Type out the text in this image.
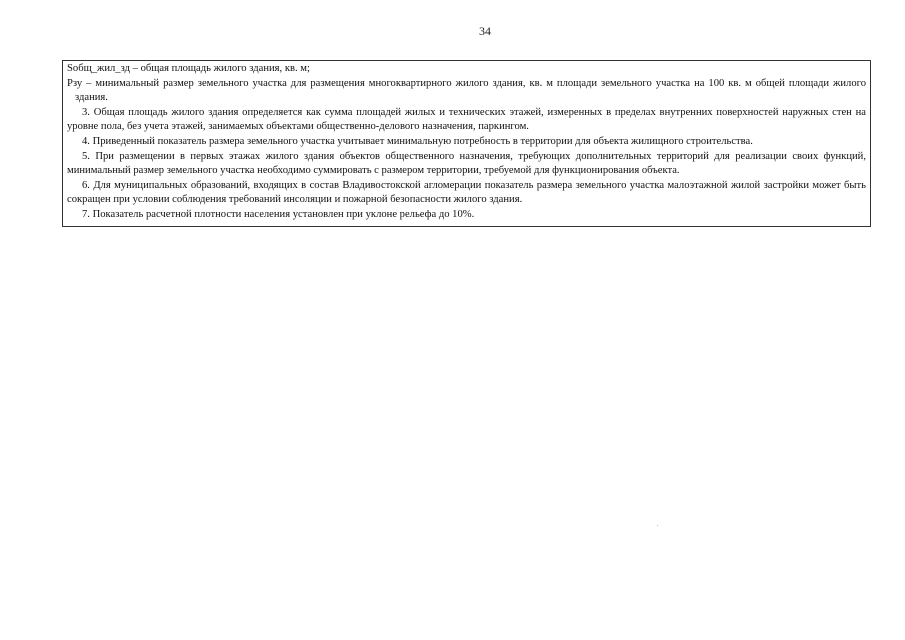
34

Sобщ_жил_зд – общая площадь жилого здания, кв. м;

Рзу – минимальный размер земельного участка для размещения многоквартирного жилого здания, кв. м площади земельного участка на 100 кв. м общей площади жилого здания.

3. Общая площадь жилого здания определяется как сумма площадей жилых и технических этажей, измеренных в пределах внутренних поверхностей наружных стен на уровне пола, без учета этажей, занимаемых объектами общественно-делового назначения, паркингом.

4. Приведенный показатель размера земельного участка учитывает минимальную потребность в территории для объекта жилищного строительства.

5. При размещении в первых этажах жилого здания объектов общественного назначения, требующих дополнительных территорий для реализации своих функций, минимальный размер земельного участка необходимо суммировать с размером территории, требуемой для функционирования объекта.

6. Для муниципальных образований, входящих в состав Владивостокской агломерации показатель размера земельного участка малоэтажной жилой застройки может быть сокращен при условии соблюдения требований инсоляции и пожарной безопасности жилого здания.

7. Показатель расчетной плотности населения установлен при уклоне рельефа до 10%.
